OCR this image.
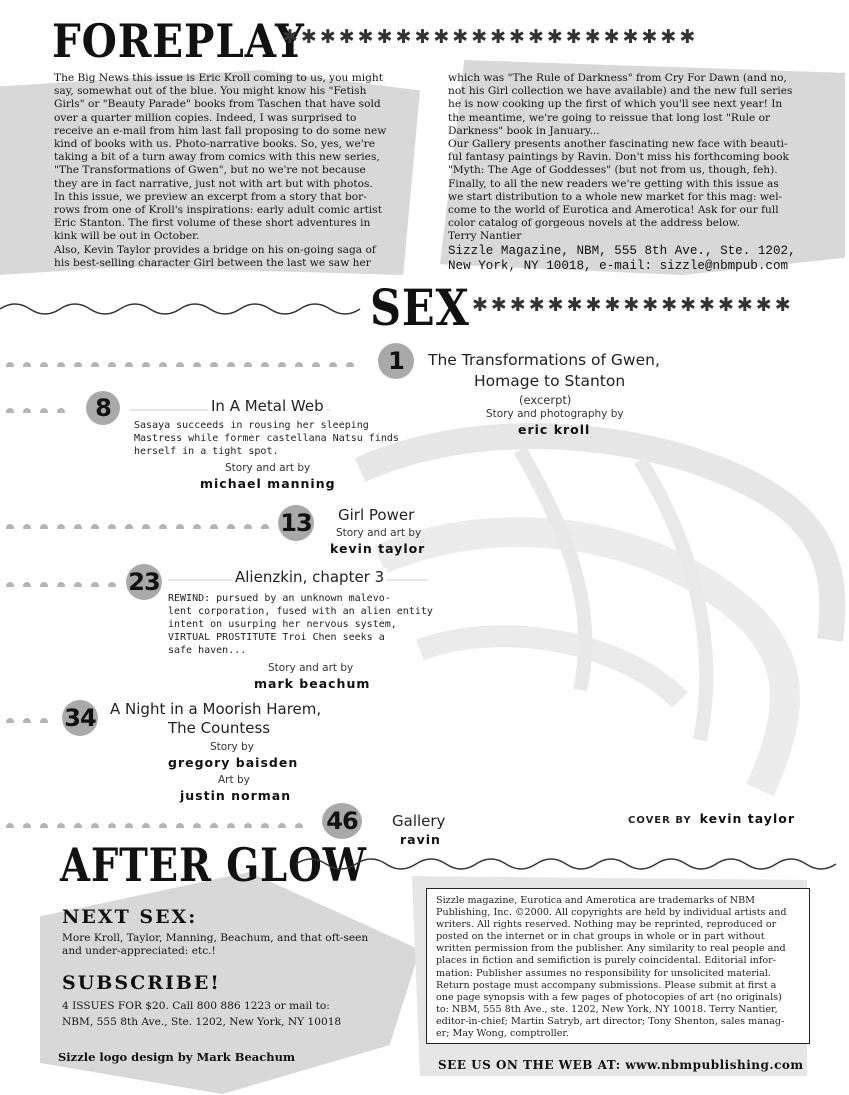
FOREPLAY
✱✱✱✱✱✱✱✱✱✱✱✱✱✱✱✱✱✱✱✱✱✱
The Big News this issue is Eric Kroll coming to us, you might
say, somewhat out of the blue. You might know his "Fetish
Girls" or "Beauty Parade" books from Taschen that have sold
over a quarter million copies. Indeed, I was surprised to
receive an e-mail from him last fall proposing to do some new
kind of books with us. Photo-narrative books. So, yes, we're
taking a bit of a turn away from comics with this new series,
"The Transformations of Gwen", but no we're not because
they are in fact narrative, just not with art but with photos.
In this issue, we preview an excerpt from a story that bor-
rows from one of Kroll's inspirations: early adult comic artist
Eric Stanton. The first volume of these short adventures in
kink will be out in October.
Also, Kevin Taylor provides a bridge on his on-going saga of
his best-selling character Girl between the last we saw her
which was "The Rule of Darkness" from Cry For Dawn (and no,
not his Girl collection we have available) and the new full series
he is now cooking up the first of which you'll see next year! In
the meantime, we're going to reissue that long lost "Rule or
Darkness" book in January...
Our Gallery presents another fascinating new face with beauti-
ful fantasy paintings by Ravin. Don't miss his forthcoming book
"Myth: The Age of Goddesses" (but not from us, though, feh).
Finally, to all the new readers we're getting with this issue as
we start distribution to a whole new market for this mag: wel-
come to the world of Eurotica and Amerotica! Ask for our full
color catalog of gorgeous novels at the address below.
Terry Nantier
Sizzle Magazine, NBM, 555 8th Ave., Ste. 1202,
New York, NY 10018, e-mail: sizzle@nbmpub.com
SEX ✱✱✱✱✱✱✱✱✱✱✱✱✱✱✱✱✱
1 The Transformations of Gwen,
Homage to Stanton
(excerpt)
Story and photography by
eric kroll
8	In A Metal Web
Sasaya succeeds in rousing her sleeping
Mastress while former castellana Natsu finds
herself in a tight spot.
Story and art by
michael manning
13 Girl Power
Story and art by
kevin taylor
23	Alienzkin, chapter 3
REWIND: pursued by an unknown malevo-
lent corporation, fused with an alien entity
intent on usurping her nervous system,
VIRTUAL PROSTITUTE Troi Chen seeks a
safe haven...
Story and art by
mark beachum
34 A Night in a Moorish Harem,
The Countess
Story by
gregory baisden
Art by
justin norman
46 Gallery
ravin
COVER BY kevin taylor
AFTER GLOW
NEXT SEX:
More Kroll, Taylor, Manning, Beachum, and that oft-seen
and under-appreciated: etc.!
SUBSCRIBE!
4 ISSUES FOR $20. Call 800 886 1223 or mail to:
NBM, 555 8th Ave., Ste. 1202, New York, NY 10018
Sizzle logo design by Mark Beachum
Sizzle magazine, Eurotica and Amerotica are trademarks of NBM
Publishing, Inc. ©2000. All copyrights are held by individual artists and
writers. All rights reserved. Nothing may be reprinted, reproduced or
posted on the internet or in chat groups in whole or in part without
written permission from the publisher. Any similarity to real people and
places in fiction and semifiction is purely coincidental. Editorial infor-
mation: Publisher assumes no responsibility for unsolicited material.
Return postage must accompany submissions. Please submit at first a
one page synopsis with a few pages of photocopies of art (no originals)
to: NBM, 555 8th Ave., ste. 1202, New York, NY 10018. Terry Nantier,
editor-in-chief; Martin Satryb, art director; Tony Shenton, sales manag-
er; May Wong, comptroller.
SEE US ON THE WEB AT: www.nbmpublishing.com
